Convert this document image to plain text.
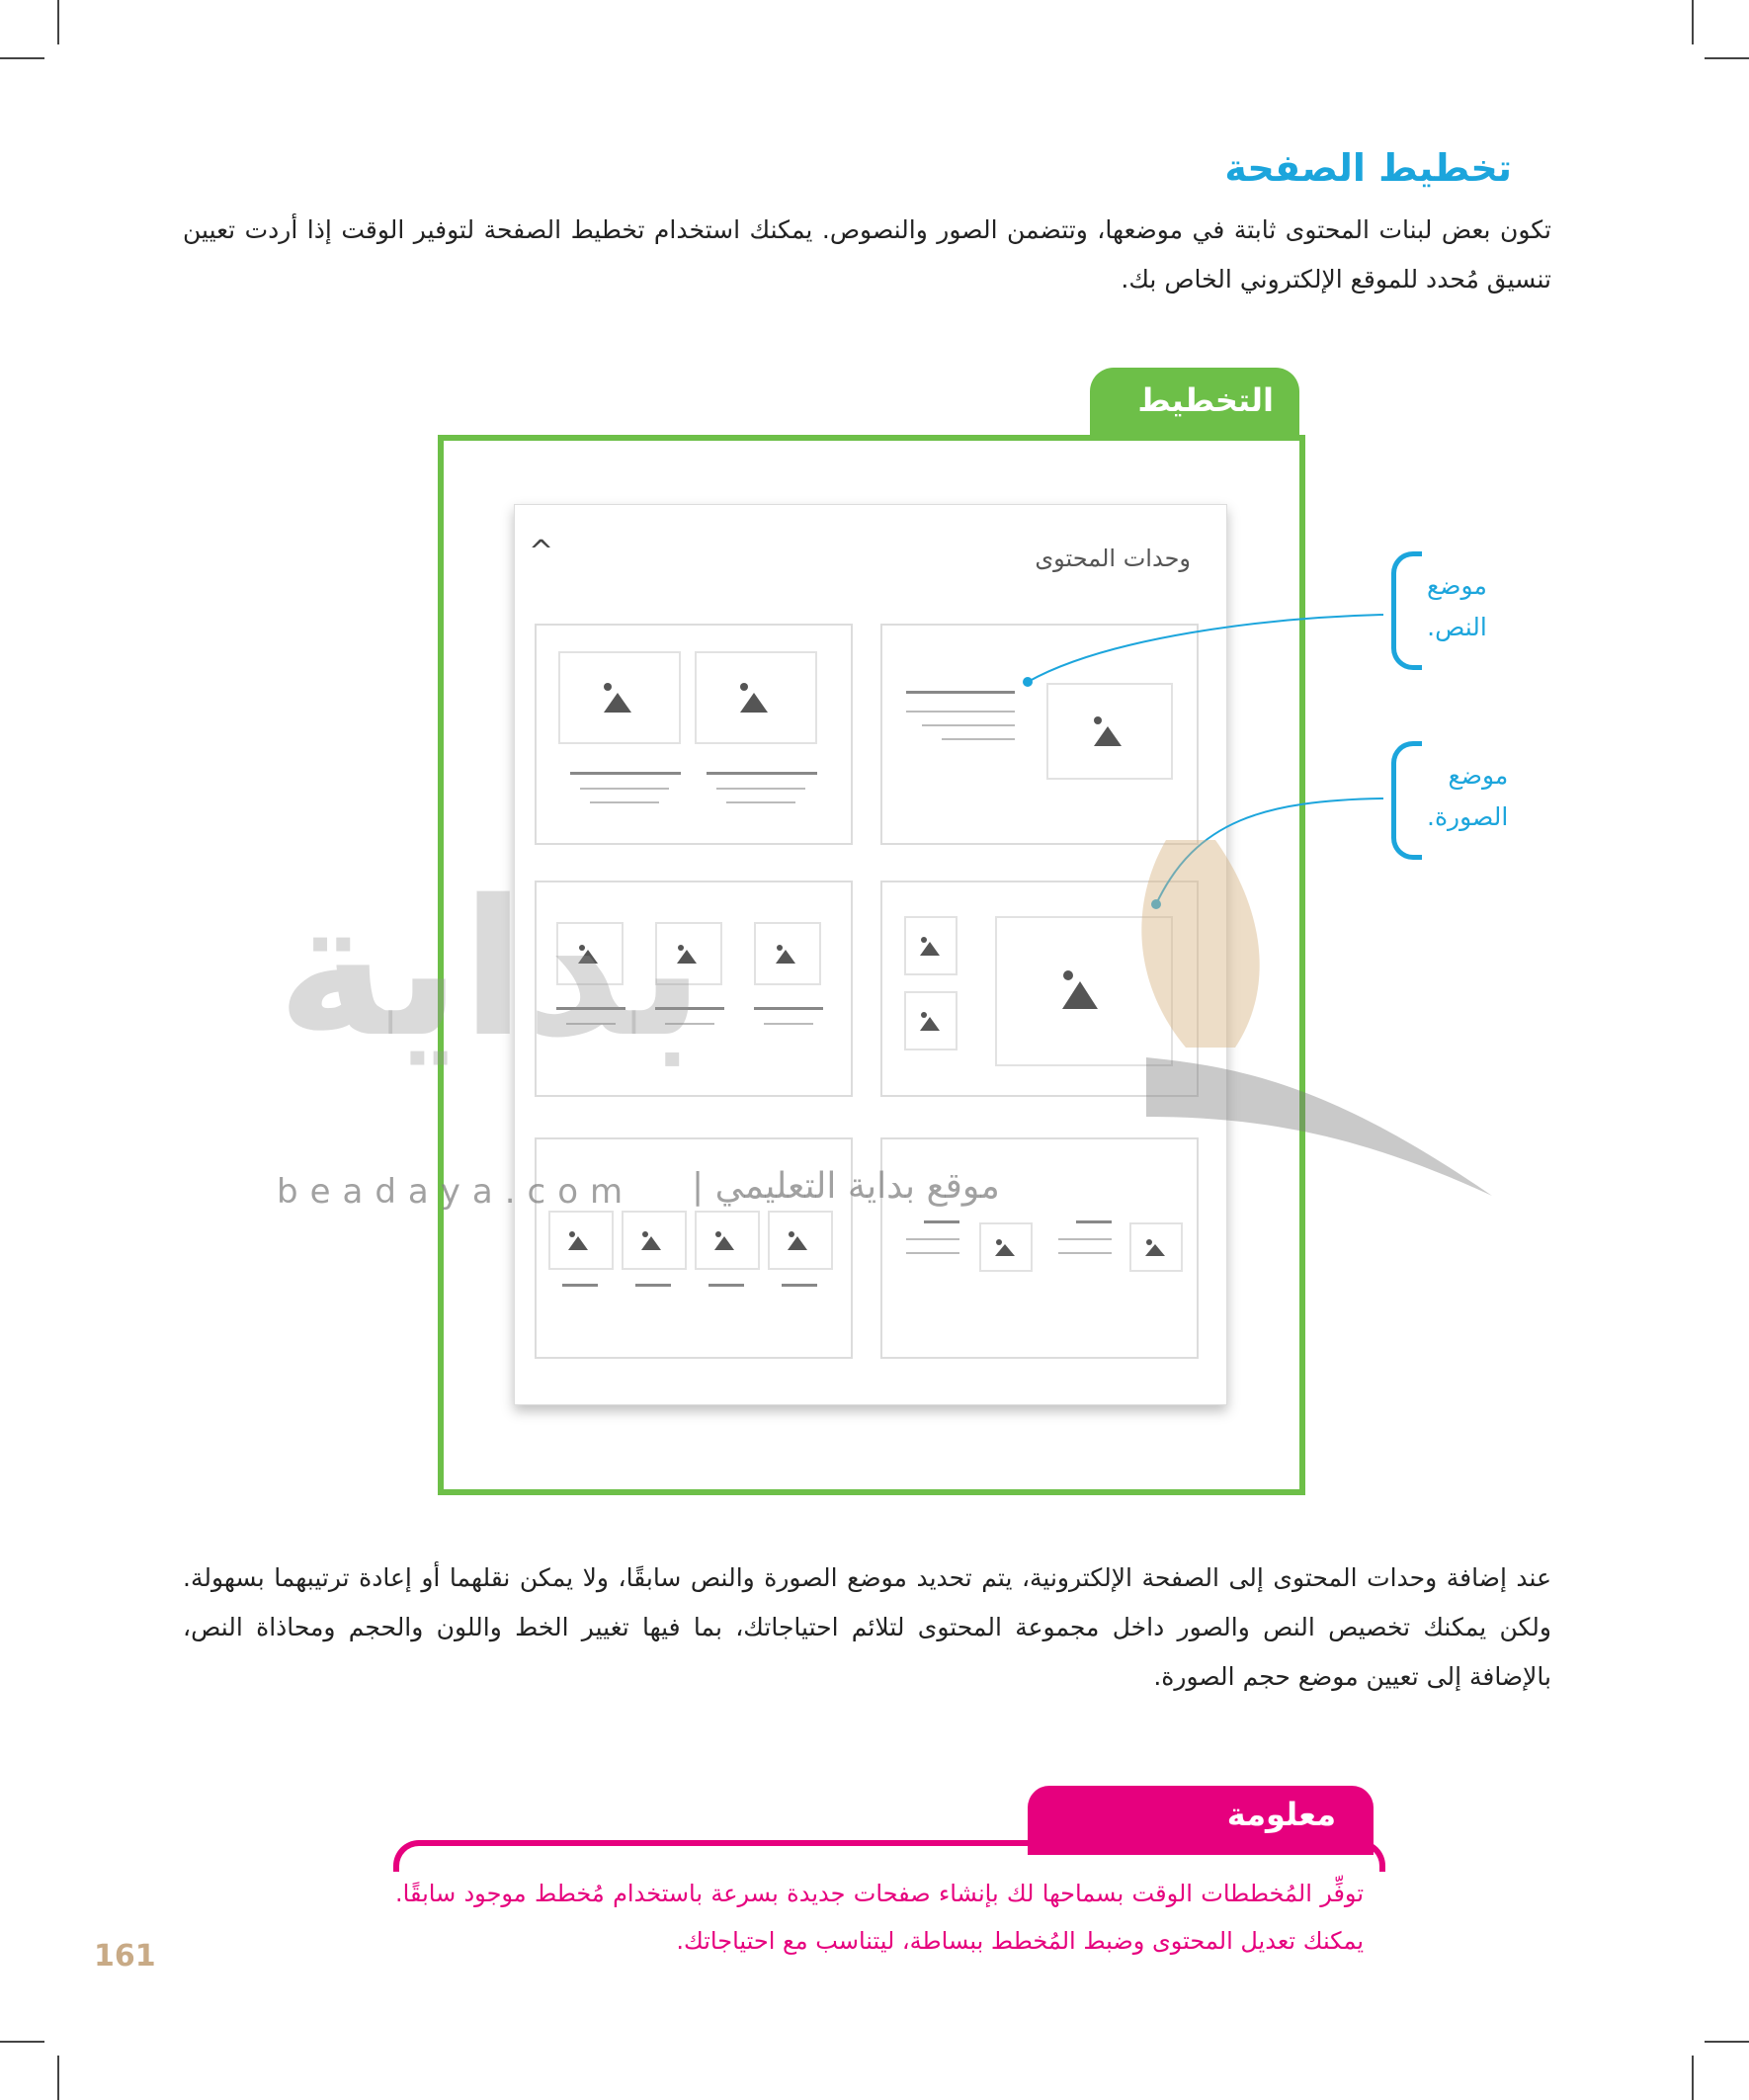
تخطيط الصفحة

تكون بعض لبنات المحتوى ثابتة في موضعها، وتتضمن الصور والنصوص. يمكنك استخدام تخطيط الصفحة لتوفير الوقت إذا أردت تعيين تنسيق مُحدد للموقع الإلكتروني الخاص بك.

التخطيط
وحدات المحتوى
^
موضع
النص.
موضع
الصورة.
بداية
beadaya.com موقع بداية التعليمي |

عند إضافة وحدات المحتوى إلى الصفحة الإلكترونية، يتم تحديد موضع الصورة والنص سابقًا، ولا يمكن نقلهما أو إعادة ترتيبهما بسهولة. ولكن يمكنك تخصيص النص والصور داخل مجموعة المحتوى لتلائم احتياجاتك، بما فيها تغيير الخط واللون والحجم ومحاذاة النص، بالإضافة إلى تعيين موضع حجم الصورة.

معلومة

توفِّر المُخططات الوقت بسماحها لك بإنشاء صفحات جديدة بسرعة باستخدام مُخطط موجود سابقًا. يمكنك تعديل المحتوى وضبط المُخطط ببساطة، ليتناسب مع احتياجاتك.

161
